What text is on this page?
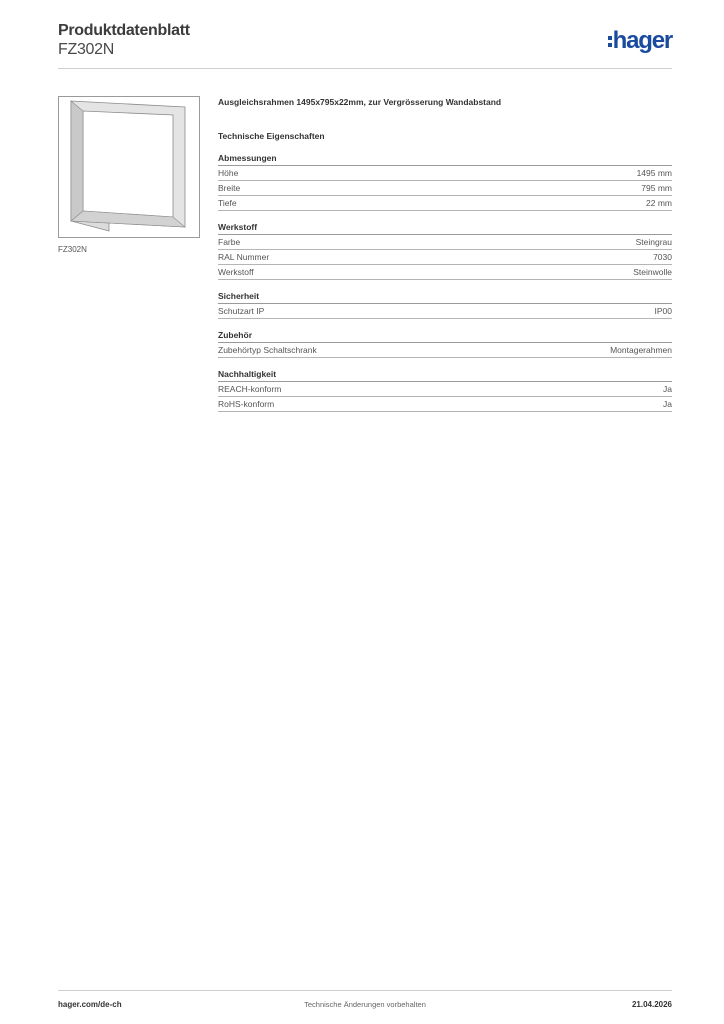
Produktdatenblatt
FZ302N	hager
FZ302N
Ausgleichsrahmen 1495x795x22mm, zur Vergrösserung Wandabstand
Technische Eigenschaften
Abmessungen
Höhe	1495 mm
Breite	795 mm
Tiefe	22 mm
Werkstoff
Farbe	Steingrau
RAL Nummer	7030
Werkstoff	Steinwolle
Sicherheit
Schutzart IP	IP00
Zubehör
Zubehörtyp Schaltschrank	Montagerahmen
Nachhaltigkeit
REACH-konform	Ja
RoHS-konform	Ja
hager.com/de-ch	Technische Änderungen vorbehalten	21.04.2026
